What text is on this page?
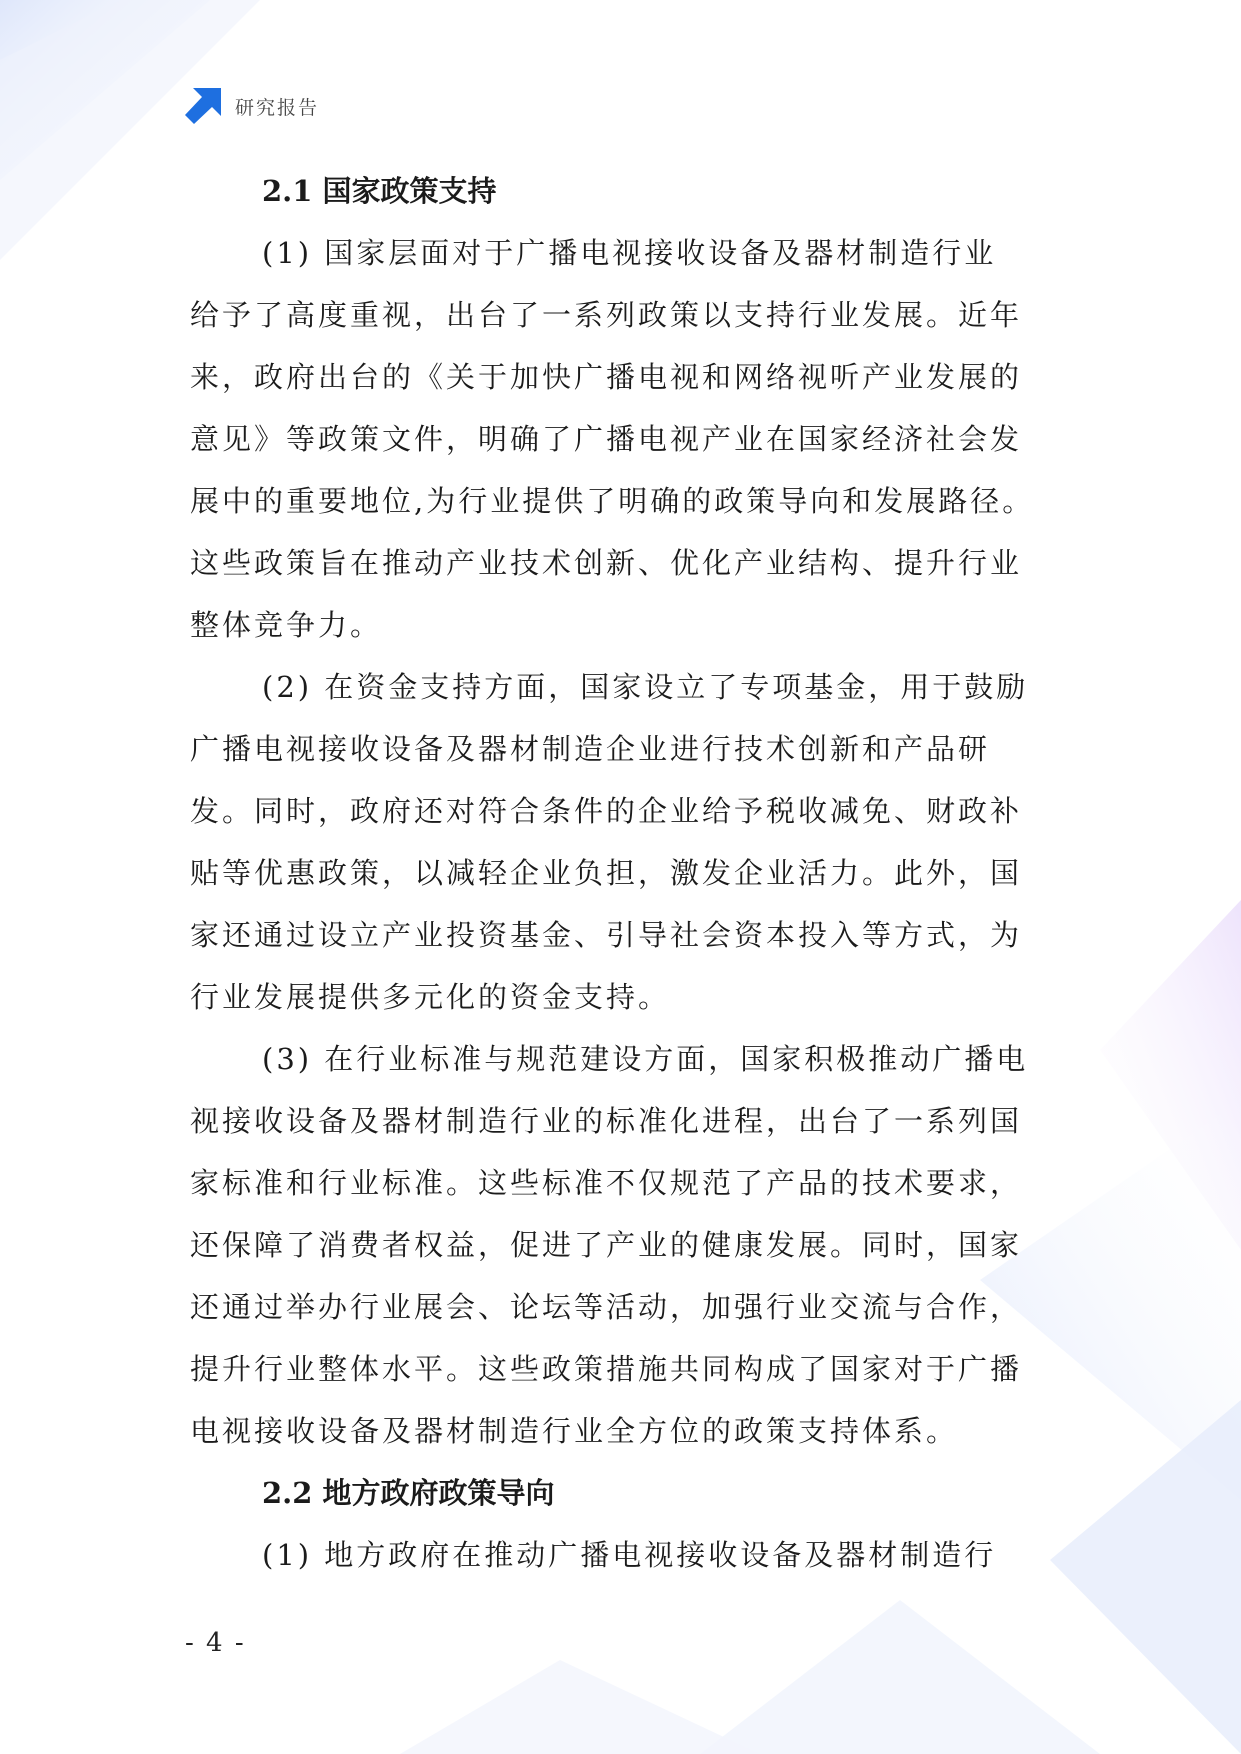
研究报告
2.1 国家政策支持

(1) 国家层面对于广播电视接收设备及器材制造行业
给予了高度重视，出台了一系列政策以支持行业发展。近年
来，政府出台的《关于加快广播电视和网络视听产业发展的
意见》等政策文件，明确了广播电视产业在国家经济社会发
展中的重要地位,为行业提供了明确的政策导向和发展路径。
这些政策旨在推动产业技术创新、优化产业结构、提升行业
整体竞争力。

(2) 在资金支持方面，国家设立了专项基金，用于鼓励
广播电视接收设备及器材制造企业进行技术创新和产品研
发。同时，政府还对符合条件的企业给予税收减免、财政补
贴等优惠政策，以减轻企业负担，激发企业活力。此外，国
家还通过设立产业投资基金、引导社会资本投入等方式，为
行业发展提供多元化的资金支持。

(3) 在行业标准与规范建设方面，国家积极推动广播电
视接收设备及器材制造行业的标准化进程，出台了一系列国
家标准和行业标准。这些标准不仅规范了产品的技术要求，
还保障了消费者权益，促进了产业的健康发展。同时，国家
还通过举办行业展会、论坛等活动，加强行业交流与合作，
提升行业整体水平。这些政策措施共同构成了国家对于广播
电视接收设备及器材制造行业全方位的政策支持体系。

2.2 地方政府政策导向

(1) 地方政府在推动广播电视接收设备及器材制造行

- 4 -
